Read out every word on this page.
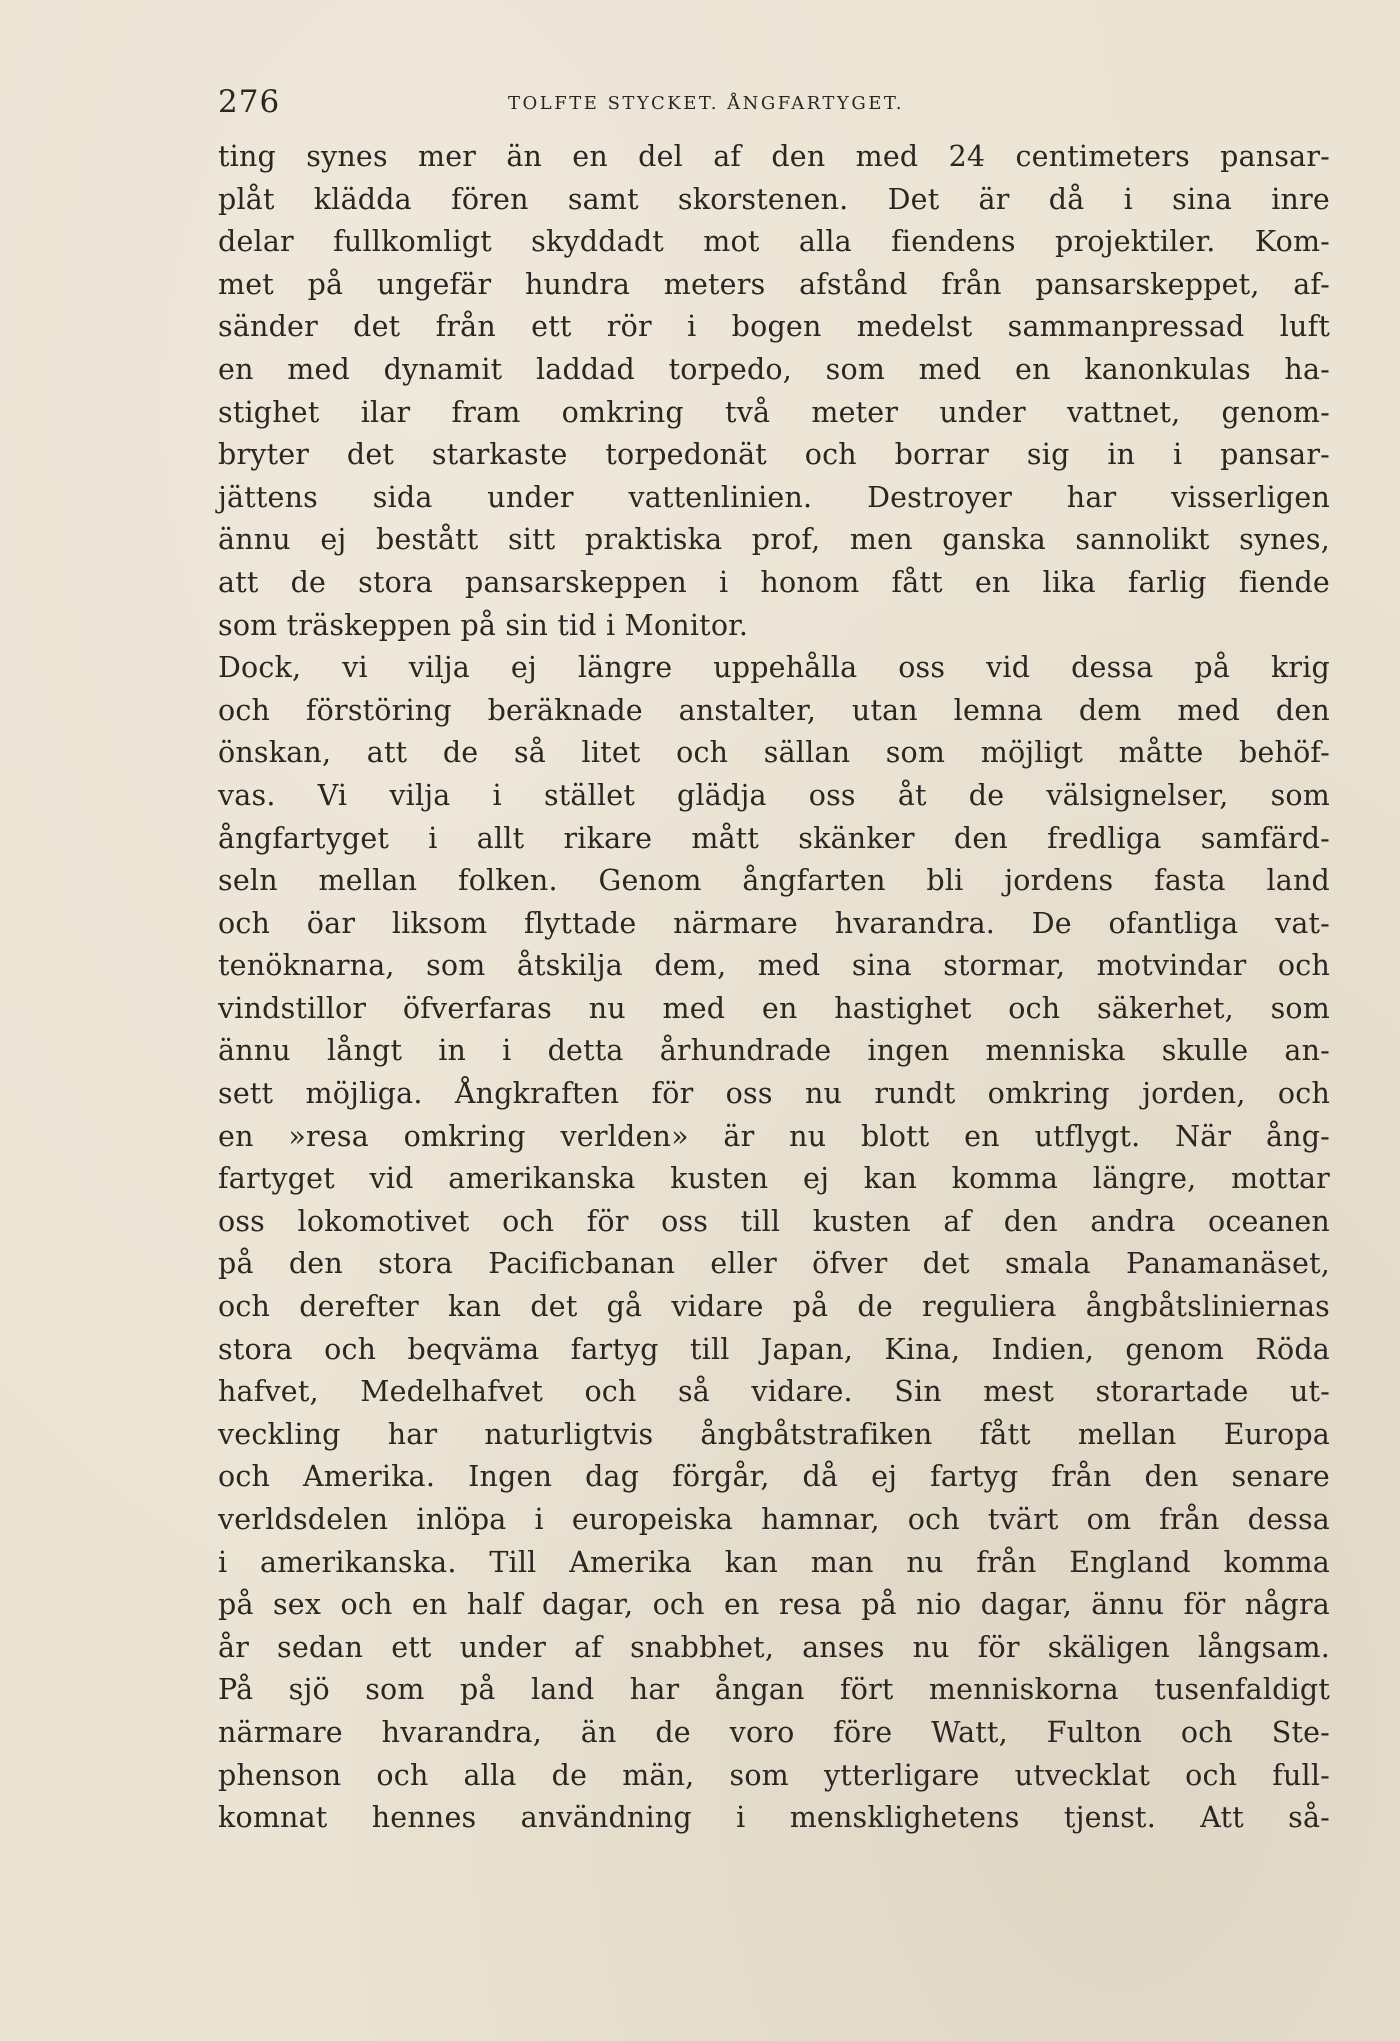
276	TOLFTE STYCKET. ÅNGFARTYGET.
ting synes mer än en del af den med 24 centimeters pansar-
plåt klädda fören samt skorstenen. Det är då i sina inre
delar fullkomligt skyddadt mot alla fiendens projektiler. Kom-
met på ungefär hundra meters afstånd från pansarskeppet, af-
sänder det från ett rör i bogen medelst sammanpressad luft
en med dynamit laddad torpedo, som med en kanonkulas ha-
stighet ilar fram omkring två meter under vattnet, genom-
bryter det starkaste torpedonät och borrar sig in i pansar-
jättens sida under vattenlinien. Destroyer har visserligen
ännu ej bestått sitt praktiska prof, men ganska sannolikt synes,
att de stora pansarskeppen i honom fått en lika farlig fiende
som träskeppen på sin tid i Monitor.
Dock, vi vilja ej längre uppehålla oss vid dessa på krig
och förstöring beräknade anstalter, utan lemna dem med den
önskan, att de så litet och sällan som möjligt måtte behöf-
vas. Vi vilja i stället glädja oss åt de välsignelser, som
ångfartyget i allt rikare mått skänker den fredliga samfärd-
seln mellan folken. Genom ångfarten bli jordens fasta land
och öar liksom flyttade närmare hvarandra. De ofantliga vat-
tenöknarna, som åtskilja dem, med sina stormar, motvindar och
vindstillor öfverfaras nu med en hastighet och säkerhet, som
ännu långt in i detta århundrade ingen menniska skulle an-
sett möjliga. Ångkraften för oss nu rundt omkring jorden, och
en »resa omkring verlden» är nu blott en utflygt. När ång-
fartyget vid amerikanska kusten ej kan komma längre, mottar
oss lokomotivet och för oss till kusten af den andra oceanen
på den stora Pacificbanan eller öfver det smala Panamanäset,
och derefter kan det gå vidare på de reguliera ångbåtsliniernas
stora och beqväma fartyg till Japan, Kina, Indien, genom Röda
hafvet, Medelhafvet och så vidare. Sin mest storartade ut-
veckling har naturligtvis ångbåtstrafiken fått mellan Europa
och Amerika. Ingen dag förgår, då ej fartyg från den senare
verldsdelen inlöpa i europeiska hamnar, och tvärt om från dessa
i amerikanska. Till Amerika kan man nu från England komma
på sex och en half dagar, och en resa på nio dagar, ännu för några
år sedan ett under af snabbhet, anses nu för skäligen långsam.
På sjö som på land har ångan fört menniskorna tusenfaldigt
närmare hvarandra, än de voro före Watt, Fulton och Ste-
phenson och alla de män, som ytterligare utvecklat och full-
komnat hennes användning i mensklighetens tjenst. Att så-
